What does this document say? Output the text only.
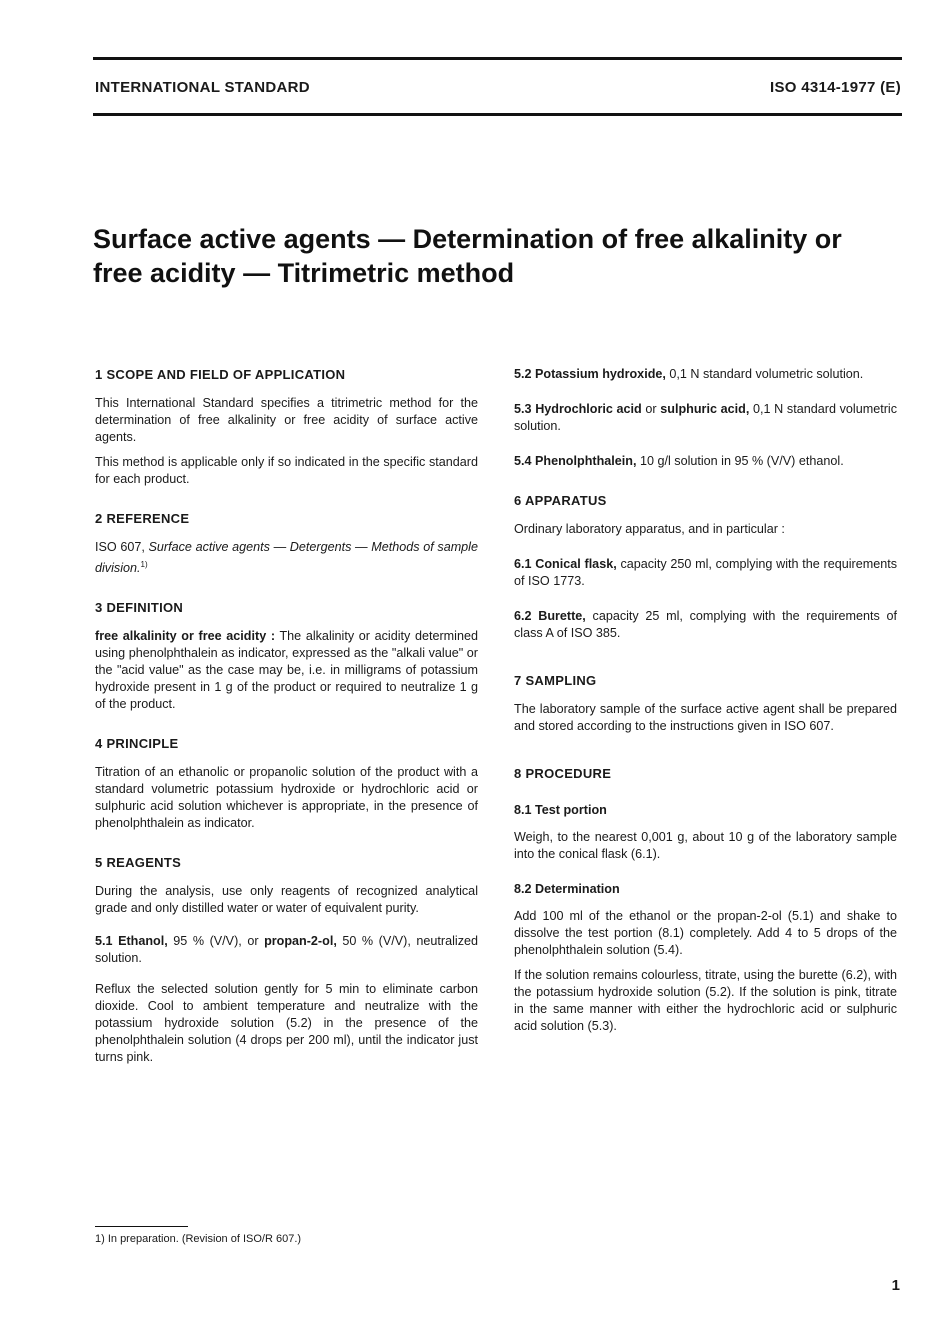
INTERNATIONAL STANDARD	ISO 4314-1977 (E)
Surface active agents — Determination of free alkalinity or
free acidity — Titrimetric method
1 SCOPE AND FIELD OF APPLICATION

This International Standard specifies a titrimetric method for the determination of free alkalinity or free acidity of surface active agents.

This method is applicable only if so indicated in the specific standard for each product.

2 REFERENCE

ISO 607, Surface active agents — Detergents — Methods of sample division.$^{1)}$

3 DEFINITION

free alkalinity or free acidity : The alkalinity or acidity determined using phenolphthalein as indicator, expressed as the "alkali value" or the "acid value" as the case may be, i.e. in milligrams of potassium hydroxide present in 1 g of the product or required to neutralize 1 g of the product.

4 PRINCIPLE

Titration of an ethanolic or propanolic solution of the product with a standard volumetric potassium hydroxide or hydrochloric acid or sulphuric acid solution whichever is appropriate, in the presence of phenolphthalein as indicator.

5 REAGENTS

During the analysis, use only reagents of recognized analytical grade and only distilled water or water of equivalent purity.

5.1 Ethanol, 95 % (V/V), or propan-2-ol, 50 % (V/V), neutralized solution.

Reflux the selected solution gently for 5 min to eliminate carbon dioxide. Cool to ambient temperature and neutralize with the potassium hydroxide solution (5.2) in the presence of the phenolphthalein solution (4 drops per 200 ml), until the indicator just turns pink.

5.2 Potassium hydroxide, 0,1 N standard volumetric solution.

5.3 Hydrochloric acid or sulphuric acid, 0,1 N standard volumetric solution.

5.4 Phenolphthalein, 10 g/l solution in 95 % (V/V) ethanol.

6 APPARATUS

Ordinary laboratory apparatus, and in particular :

6.1 Conical flask, capacity 250 ml, complying with the requirements of ISO 1773.

6.2 Burette, capacity 25 ml, complying with the requirements of class A of ISO 385.

7 SAMPLING

The laboratory sample of the surface active agent shall be prepared and stored according to the instructions given in ISO 607.

8 PROCEDURE
8.1 Test portion

Weigh, to the nearest 0,001 g, about 10 g of the laboratory sample into the conical flask (6.1).

8.2 Determination

Add 100 ml of the ethanol or the propan-2-ol (5.1) and shake to dissolve the test portion (8.1) completely. Add 4 to 5 drops of the phenolphthalein solution (5.4).

If the solution remains colourless, titrate, using the burette (6.2), with the potassium hydroxide solution (5.2). If the solution is pink, titrate in the same manner with either the hydrochloric acid or sulphuric acid solution (5.3).

1) In preparation. (Revision of ISO/R 607.)
1
